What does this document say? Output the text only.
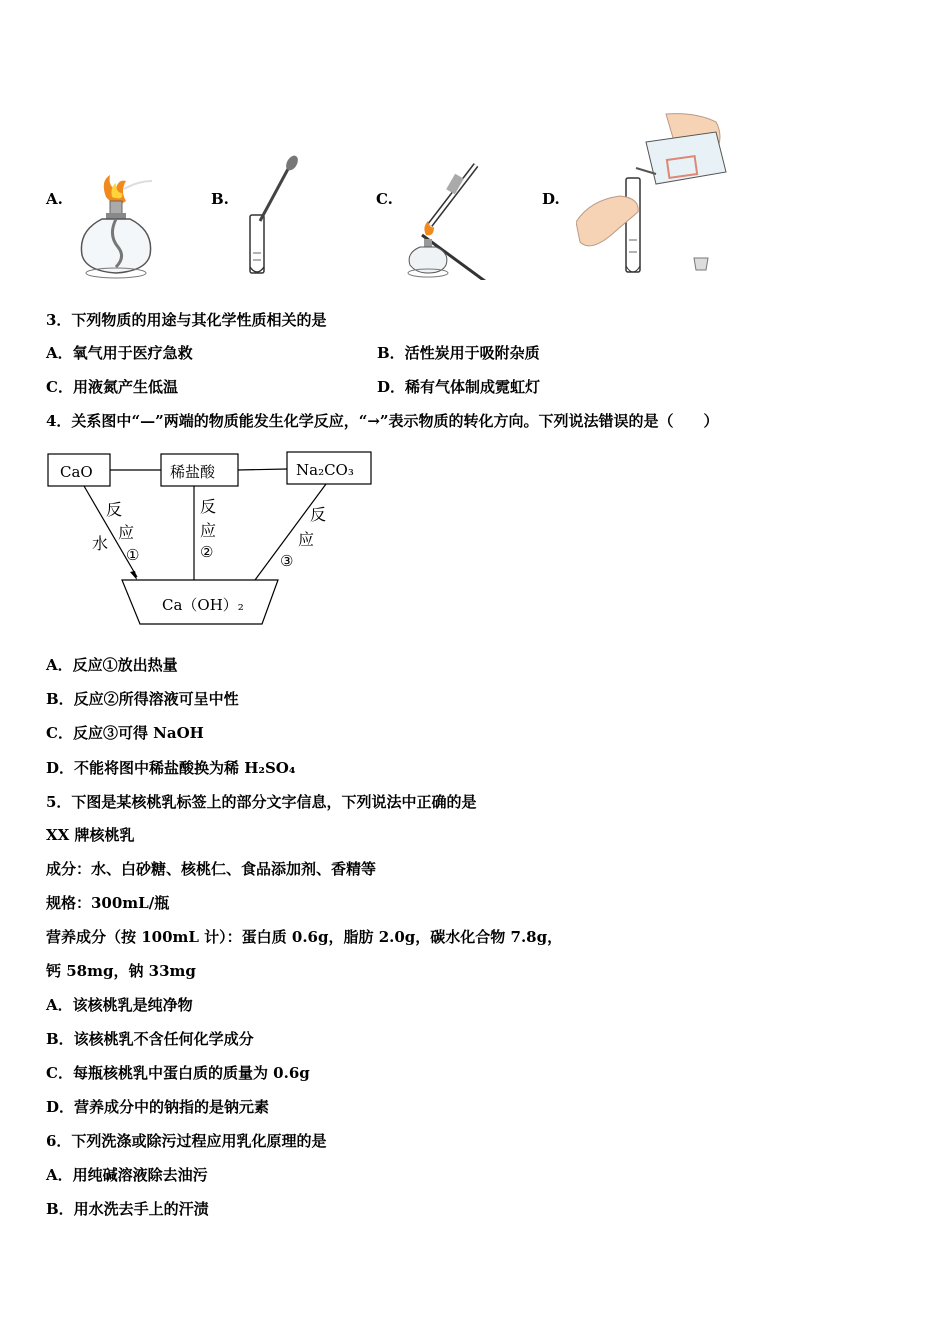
A.	B.	C.	D.
3．下列物质的用途与其化学性质相关的是
A．氧气用于医疗急救	B．活性炭用于吸附杂质
C．用液氮产生低温	D．稀有气体制成霓虹灯
4．关系图中“—”两端的物质能发生化学反应，“→”表示物质的转化方向。下列说法错误的是（　　）
CaO	稀盐酸	Na₂CO₃
Ca（OH）₂
反
应
①
水
反
应
②
反
应
③
A．反应①放出热量
B．反应②所得溶液可呈中性
C．反应③可得 NaOH
D．不能将图中稀盐酸换为稀 H₂SO₄
5．下图是某核桃乳标签上的部分文字信息，下列说法中正确的是
XX 牌核桃乳
成分：水、白砂糖、核桃仁、食品添加剂、香精等
规格：300mL/瓶
营养成分（按 100mL 计）：蛋白质 0.6g，脂肪 2.0g，碳水化合物 7.8g，
钙 58mg，钠 33mg
A．该核桃乳是纯净物
B．该核桃乳不含任何化学成分
C．每瓶核桃乳中蛋白质的质量为 0.6g
D．营养成分中的钠指的是钠元素
6．下列洗涤或除污过程应用乳化原理的是
A．用纯碱溶液除去油污
B．用水洗去手上的汗渍
